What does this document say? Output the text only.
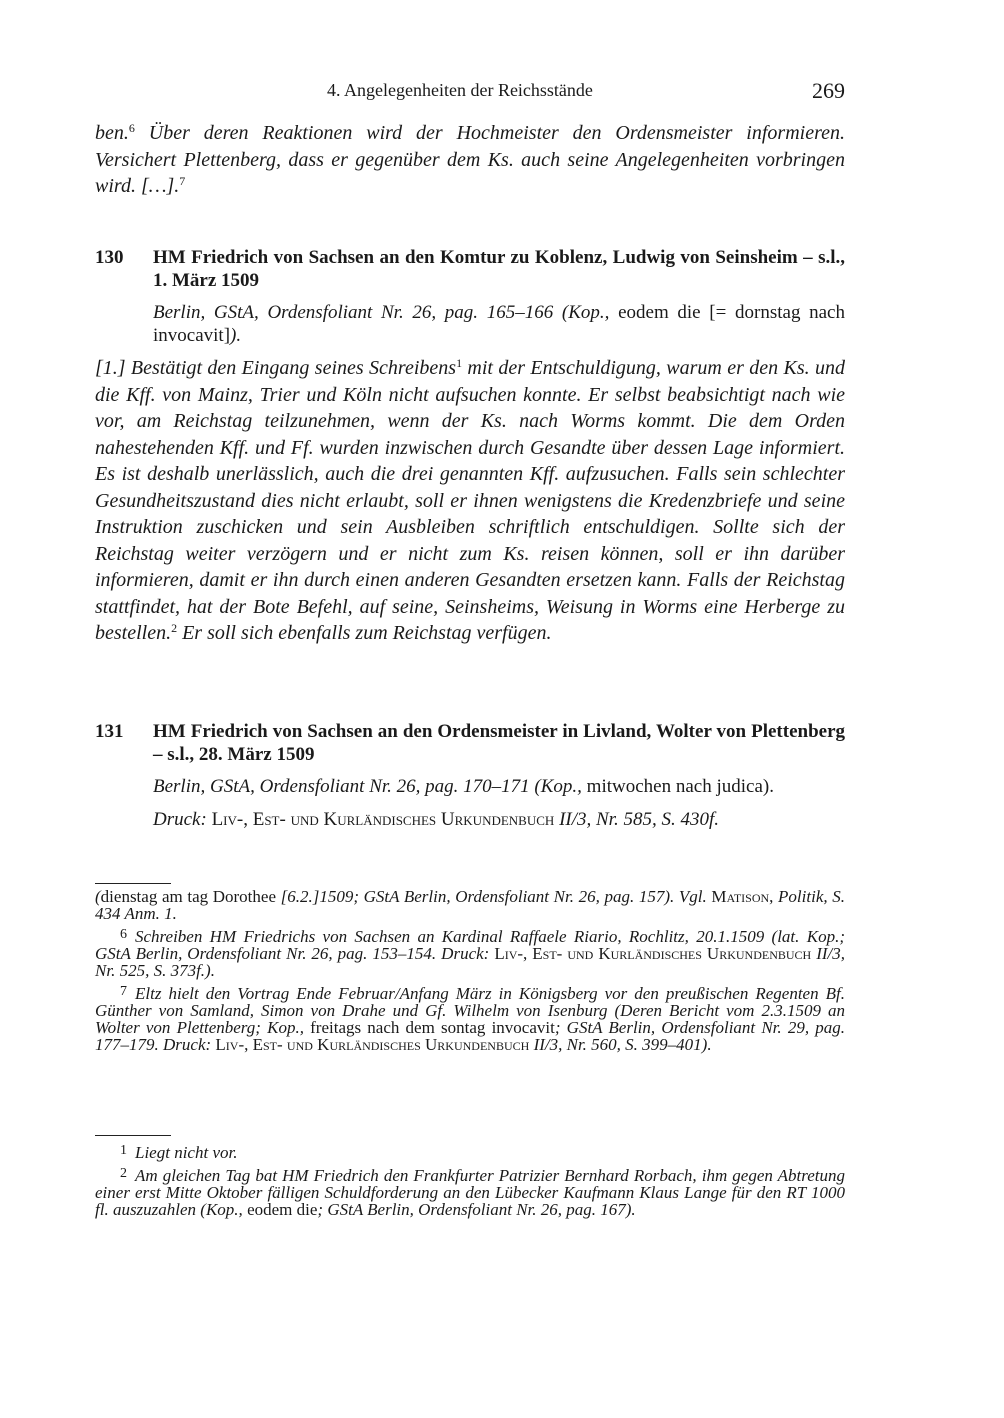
4. Angelegenheiten der Reichsstände	269
ben.$^6$ Über deren Reaktionen wird der Hochmeister den Ordensmeister informieren. Versichert Plettenberg, dass er gegenüber dem Ks. auch seine Angelegenheiten vorbringen wird. […].$^7$
130	HM Friedrich von Sachsen an den Komtur zu Koblenz, Ludwig von Seinsheim – s.l., 1. März 1509
Berlin, GStA, Ordensfoliant Nr. 26, pag. 165–166 (Kop., eodem die [= dornstag nach invocavit]).
[1.] Bestätigt den Eingang seines Schreibens$^1$ mit der Entschuldigung, warum er den Ks. und die Kff. von Mainz, Trier und Köln nicht aufsuchen konnte. Er selbst beabsichtigt nach wie vor, am Reichstag teilzunehmen, wenn der Ks. nach Worms kommt. Die dem Orden nahestehenden Kff. und Ff. wurden inzwischen durch Gesandte über dessen Lage informiert. Es ist deshalb unerlässlich, auch die drei genannten Kff. aufzusuchen. Falls sein schlechter Gesundheitszustand dies nicht erlaubt, soll er ihnen wenigstens die Kredenzbriefe und seine Instruktion zuschicken und sein Ausbleiben schriftlich entschuldigen. Sollte sich der Reichstag weiter verzögern und er nicht zum Ks. reisen können, soll er ihn darüber informieren, damit er ihn durch einen anderen Gesandten ersetzen kann. Falls der Reichstag stattfindet, hat der Bote Befehl, auf seine, Seinsheims, Weisung in Worms eine Herberge zu bestellen.$^2$ Er soll sich ebenfalls zum Reichstag verfügen.
131	HM Friedrich von Sachsen an den Ordensmeister in Livland, Wolter von Plettenberg – s.l., 28. März 1509
Berlin, GStA, Ordensfoliant Nr. 26, pag. 170–171 (Kop., mitwochen nach judica).
Druck: Liv-, Est- und Kurländisches Urkundenbuch II/3, Nr. 585, S. 430f.

(dienstag am tag Dorothee [6.2.]1509; GStA Berlin, Ordensfoliant Nr. 26, pag. 157). Vgl. Matison, Politik, S. 434 Anm. 1.

$^6$ Schreiben HM Friedrichs von Sachsen an Kardinal Raffaele Riario, Rochlitz, 20.1.1509 (lat. Kop.; GStA Berlin, Ordensfoliant Nr. 26, pag. 153–154. Druck: Liv-, Est- und Kurländisches Urkundenbuch II/3, Nr. 525, S. 373f.).

$^7$ Eltz hielt den Vortrag Ende Februar/Anfang März in Königsberg vor den preußischen Regenten Bf. Günther von Samland, Simon von Drahe und Gf. Wilhelm von Isenburg (Deren Bericht vom 2.3.1509 an Wolter von Plettenberg; Kop., freitags nach dem sontag invocavit; GStA Berlin, Ordensfoliant Nr. 29, pag. 177–179. Druck: Liv-, Est- und Kurländisches Urkundenbuch II/3, Nr. 560, S. 399–401).

$^1$ Liegt nicht vor.

$^2$ Am gleichen Tag bat HM Friedrich den Frankfurter Patrizier Bernhard Rorbach, ihm gegen Abtretung einer erst Mitte Oktober fälligen Schuldforderung an den Lübecker Kaufmann Klaus Lange für den RT 1000 fl. auszuzahlen (Kop., eodem die; GStA Berlin, Ordensfoliant Nr. 26, pag. 167).
